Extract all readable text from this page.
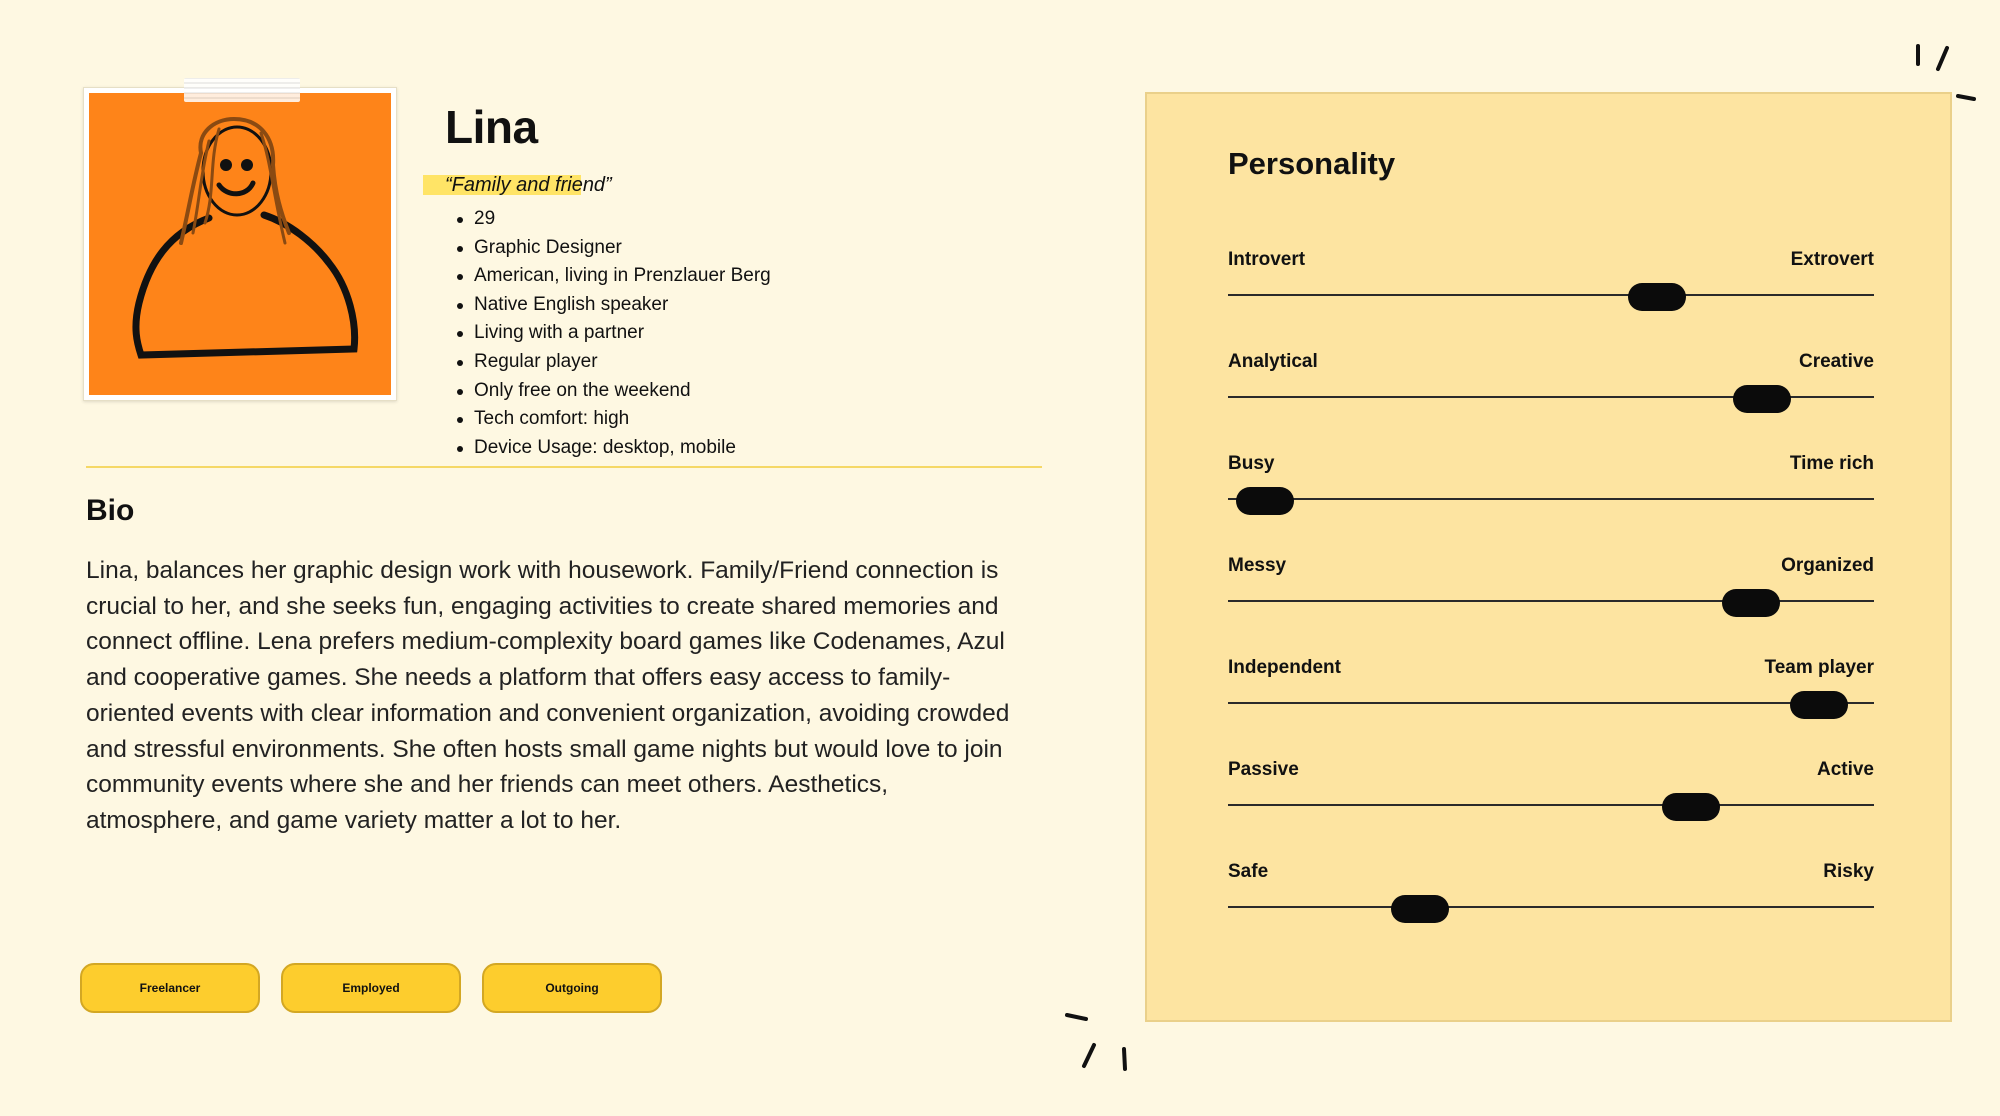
Lina
“Family and friend”
29
Graphic Designer
American, living in Prenzlauer Berg
Native English speaker
Living with a partner
Regular player
Only free on the weekend
Tech comfort: high
Device Usage: desktop, mobile
Bio

Lina, balances her graphic design work with housework. Family/Friend connection is crucial to her, and she seeks fun, engaging activities to create shared memories and connect offline. Lena prefers medium-complexity board games like Codenames, Azul and cooperative games. She needs a platform that offers easy access to family-oriented events with clear information and convenient organization, avoiding crowded and stressful environments. She often hosts small game nights but would love to join community events where she and her friends can meet others. Aesthetics, atmosphere, and game variety matter a lot to her.

Freelancer	Employed	Outgoing
Personality
Introvert	Extrovert
Analytical	Creative
Busy	Time rich
Messy	Organized
Independent	Team player
Passive	Active
Safe	Risky
